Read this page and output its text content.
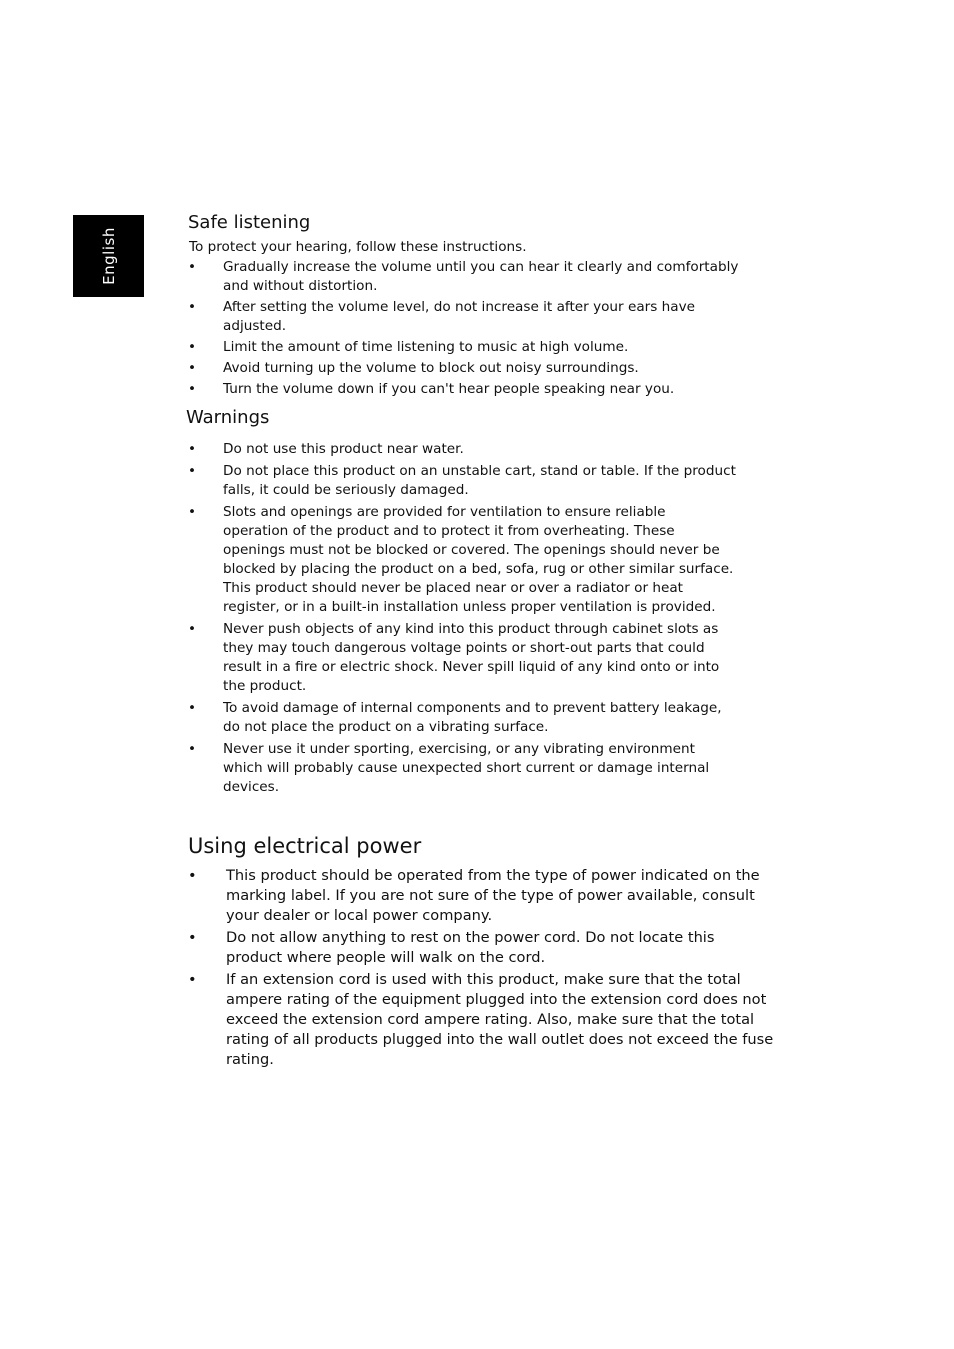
English
Safe listening
To protect your hearing, follow these instructions.
• Gradually increase the volume until you can hear it clearly and comfortably
and without distortion.
• After setting the volume level, do not increase it after your ears have
adjusted.
• Limit the amount of time listening to music at high volume.
• Avoid turning up the volume to block out noisy surroundings.
• Turn the volume down if you can't hear people speaking near you.
Warnings
• Do not use this product near water.
• Do not place this product on an unstable cart, stand or table. If the product
falls, it could be seriously damaged.
• Slots and openings are provided for ventilation to ensure reliable
operation of the product and to protect it from overheating. These
openings must not be blocked or covered. The openings should never be
blocked by placing the product on a bed, sofa, rug or other similar surface.
This product should never be placed near or over a radiator or heat
register, or in a built-in installation unless proper ventilation is provided.
• Never push objects of any kind into this product through cabinet slots as
they may touch dangerous voltage points or short-out parts that could
result in a fire or electric shock. Never spill liquid of any kind onto or into
the product.
• To avoid damage of internal components and to prevent battery leakage,
do not place the product on a vibrating surface.
• Never use it under sporting, exercising, or any vibrating environment
which will probably cause unexpected short current or damage internal
devices.
Using electrical power
• This product should be operated from the type of power indicated on the
marking label. If you are not sure of the type of power available, consult
your dealer or local power company.
• Do not allow anything to rest on the power cord. Do not locate this
product where people will walk on the cord.
• If an extension cord is used with this product, make sure that the total
ampere rating of the equipment plugged into the extension cord does not
exceed the extension cord ampere rating. Also, make sure that the total
rating of all products plugged into the wall outlet does not exceed the fuse
rating.
